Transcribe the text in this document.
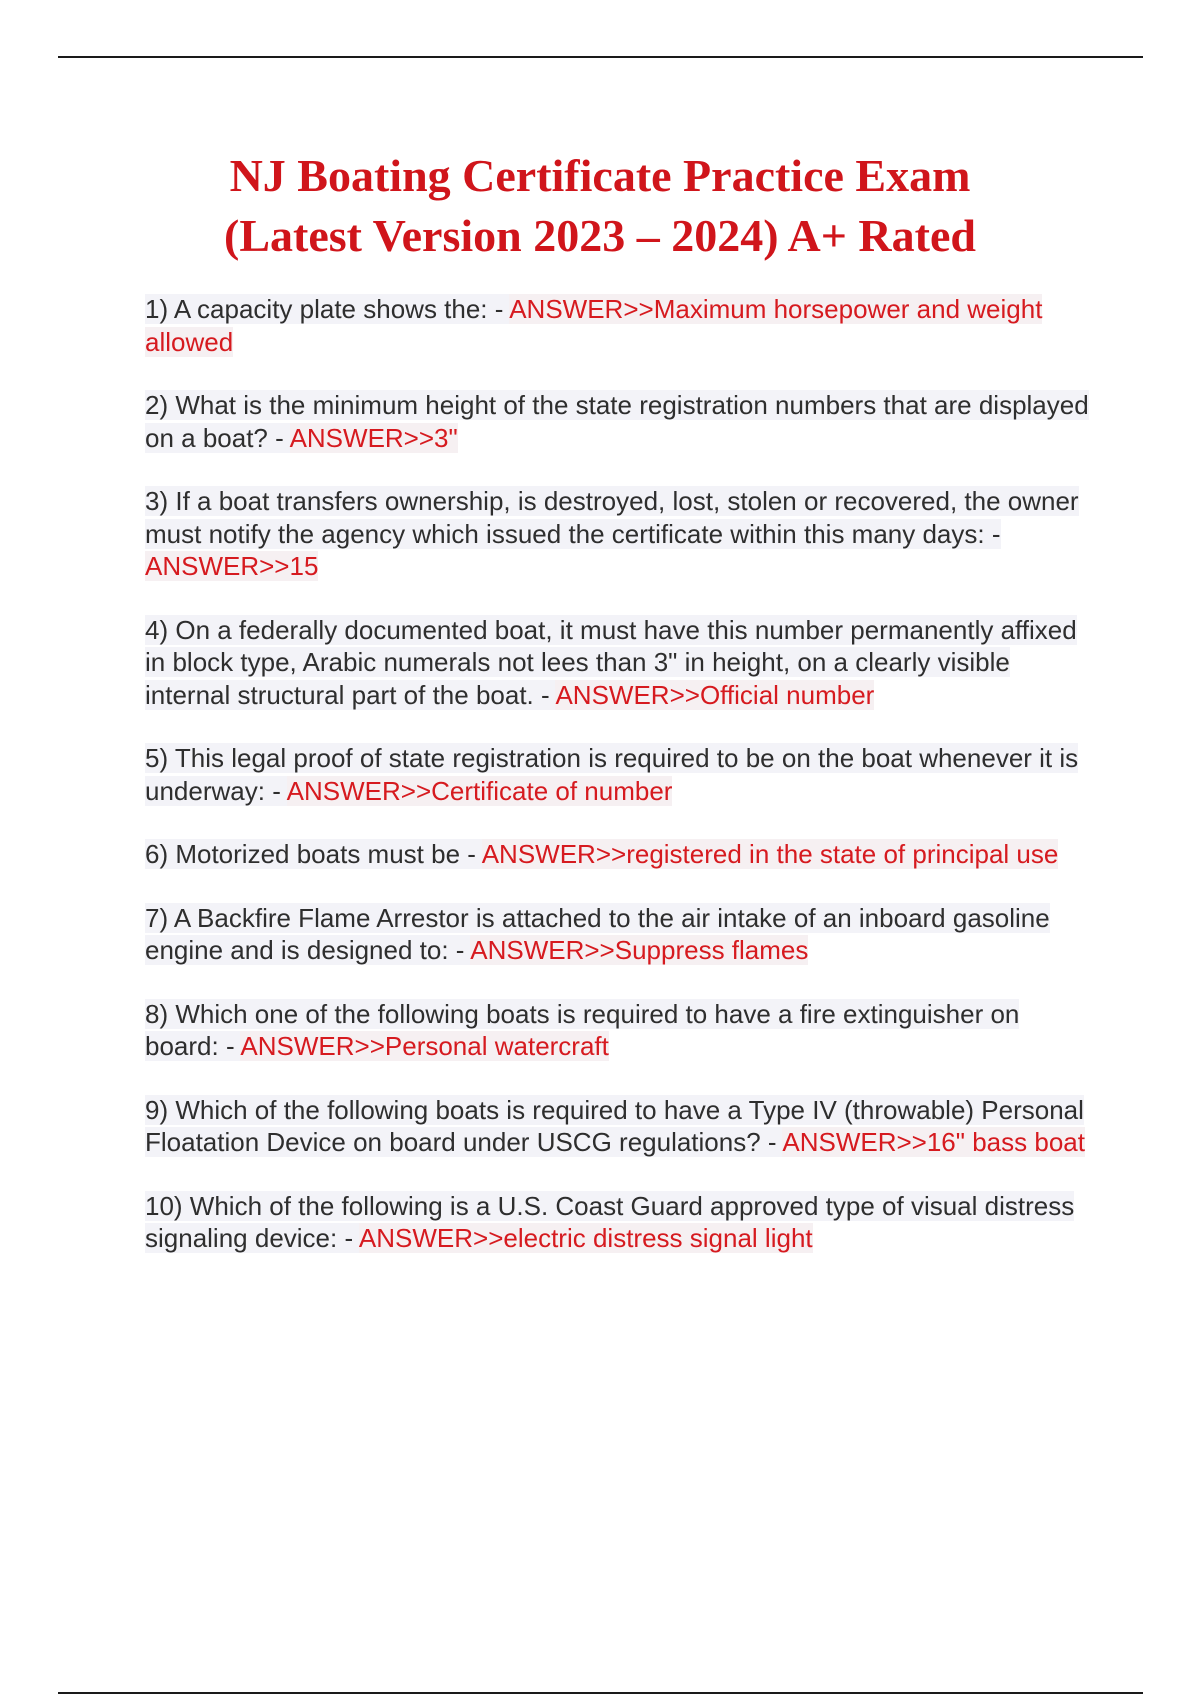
NJ Boating Certificate Practice Exam
(Latest Version 2023 – 2024) A+ Rated
1) A capacity plate shows the: - ANSWER>>Maximum horsepower and weight allowed
2) What is the minimum height of the state registration numbers that are displayed on a boat? - ANSWER>>3"
3) If a boat transfers ownership, is destroyed, lost, stolen or recovered, the owner must notify the agency which issued the certificate within this many days: - ANSWER>>15
4) On a federally documented boat, it must have this number permanently affixed in block type, Arabic numerals not lees than 3" in height, on a clearly visible internal structural part of the boat. - ANSWER>>Official number
5) This legal proof of state registration is required to be on the boat whenever it is underway: - ANSWER>>Certificate of number
6) Motorized boats must be - ANSWER>>registered in the state of principal use
7) A Backfire Flame Arrestor is attached to the air intake of an inboard gasoline engine and is designed to: - ANSWER>>Suppress flames
8) Which one of the following boats is required to have a fire extinguisher on board: - ANSWER>>Personal watercraft
9) Which of the following boats is required to have a Type IV (throwable) Personal Floatation Device on board under USCG regulations? - ANSWER>>16" bass boat
10) Which of the following is a U.S. Coast Guard approved type of visual distress signaling device: - ANSWER>>electric distress signal light
